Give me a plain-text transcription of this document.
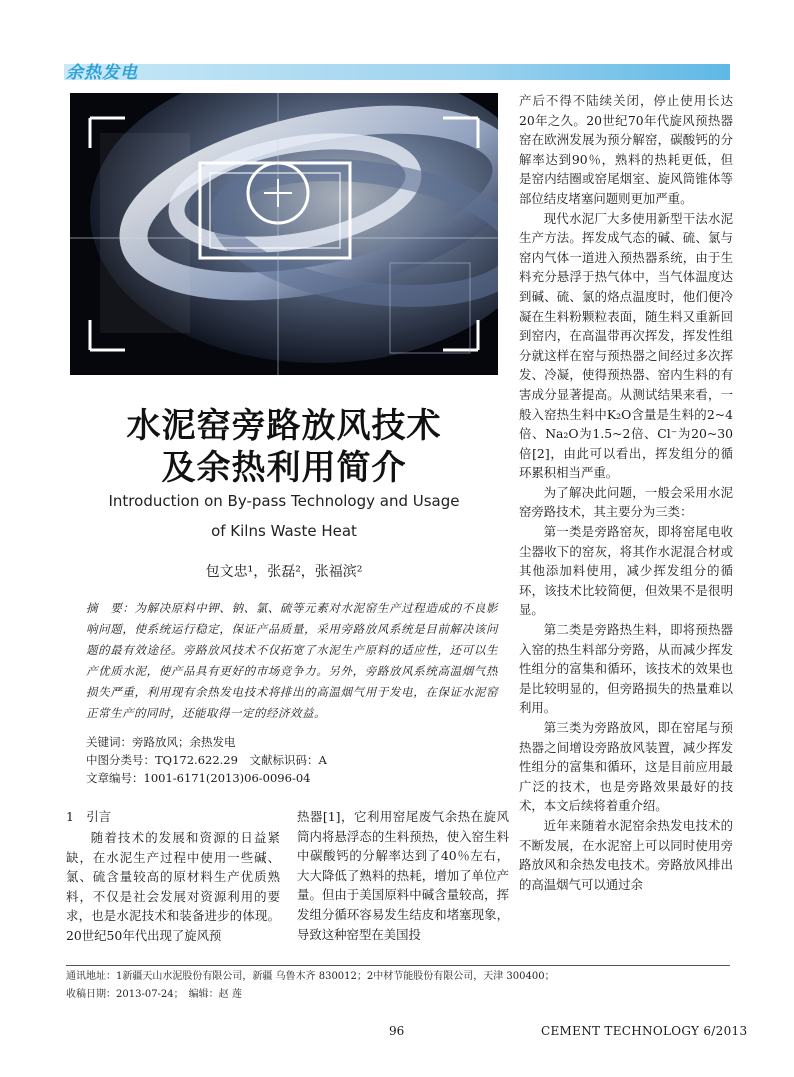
余热发电

产后不得不陆续关闭，停止使用长达20年之久。20世纪70年代旋风预热器窑在欧洲发展为预分解窑，碳酸钙的分解率达到90％，熟料的热耗更低，但是窑内结圈或窑尾烟室、旋风筒锥体等部位结皮堵塞问题则更加严重。

现代水泥厂大多使用新型干法水泥生产方法。挥发成气态的碱、硫、氯与窑内气体一道进入预热器系统，由于生料充分悬浮于热气体中，当气体温度达到碱、硫、氯的烙点温度时，他们便冷凝在生料粉颗粒表面，随生料又重新回到窑内，在高温带再次挥发，挥发性组分就这样在窑与预热器之间经过多次挥发、冷凝，使得预热器、窑内生料的有害成分显著提高。从测试结果来看，一般入窑热生料中K₂O含量是生料的2~4倍、Na₂O为1.5~2倍、Cl⁻为20~30倍[2]，由此可以看出，挥发组分的循环累积相当严重。

为了解决此问题，一般会采用水泥窑旁路技术，其主要分为三类：

第一类是旁路窑灰，即将窑尾电收尘器收下的窑灰，将其作水泥混合材或其他添加料使用，减少挥发组分的循环，该技术比较简便，但效果不是很明显。

第二类是旁路热生料，即将预热器入窑的热生料部分旁路，从而减少挥发性组分的富集和循环，该技术的效果也是比较明显的，但旁路损失的热量难以利用。

第三类为旁路放风，即在窑尾与预热器之间增设旁路放风装置，减少挥发性组分的富集和循环，这是目前应用最广泛的技术，也是旁路效果最好的技术，本文后续将着重介绍。

近年来随着水泥窑余热发电技术的不断发展，在水泥窑上可以同时使用旁路放风和余热发电技术。旁路放风排出的高温烟气可以通过余

水泥窑旁路放风技术
及余热利用简介
Introduction on By-pass Technology and Usage
of Kilns Waste Heat
包文忠¹，张磊²，张福滨²
摘　要：为解决原料中钾、钠、氯、硫等元素对水泥窑生产过程造成的不良影响问题，使系统运行稳定，保证产品质量，采用旁路放风系统是目前解决该问题的最有效途径。旁路放风技术不仅拓宽了水泥生产原料的适应性，还可以生产优质水泥，使产品具有更好的市场竞争力。另外，旁路放风系统高温烟气热损失严重，利用现有余热发电技术将排出的高温烟气用于发电，在保证水泥窑正常生产的同时，还能取得一定的经济效益。
关键词：旁路放风；余热发电
中图分类号：TQ172.622.29　文献标识码：A
文章编号：1001-6171(2013)06-0096-04
1　引言

随着技术的发展和资源的日益紧缺，在水泥生产过程中使用一些碱、氯、硫含量较高的原材料生产优质熟料，不仅是社会发展对资源利用的要求，也是水泥技术和装备进步的体现。20世纪50年代出现了旋风预

热器[1]，它利用窑尾废气余热在旋风筒内将悬浮态的生料预热，使入窑生料中碳酸钙的分解率达到了40％左右，大大降低了熟料的热耗，增加了单位产量。但由于美国原料中碱含量较高，挥发组分循环容易发生结皮和堵塞现象，导致这种窑型在美国投

通讯地址：1新疆天山水泥股份有限公司，新疆 乌鲁木齐 830012；2中材节能股份有限公司，天津 300400；
收稿日期：2013-07-24；　编辑：赵 莲
96	CEMENT TECHNOLOGY 6/2013
